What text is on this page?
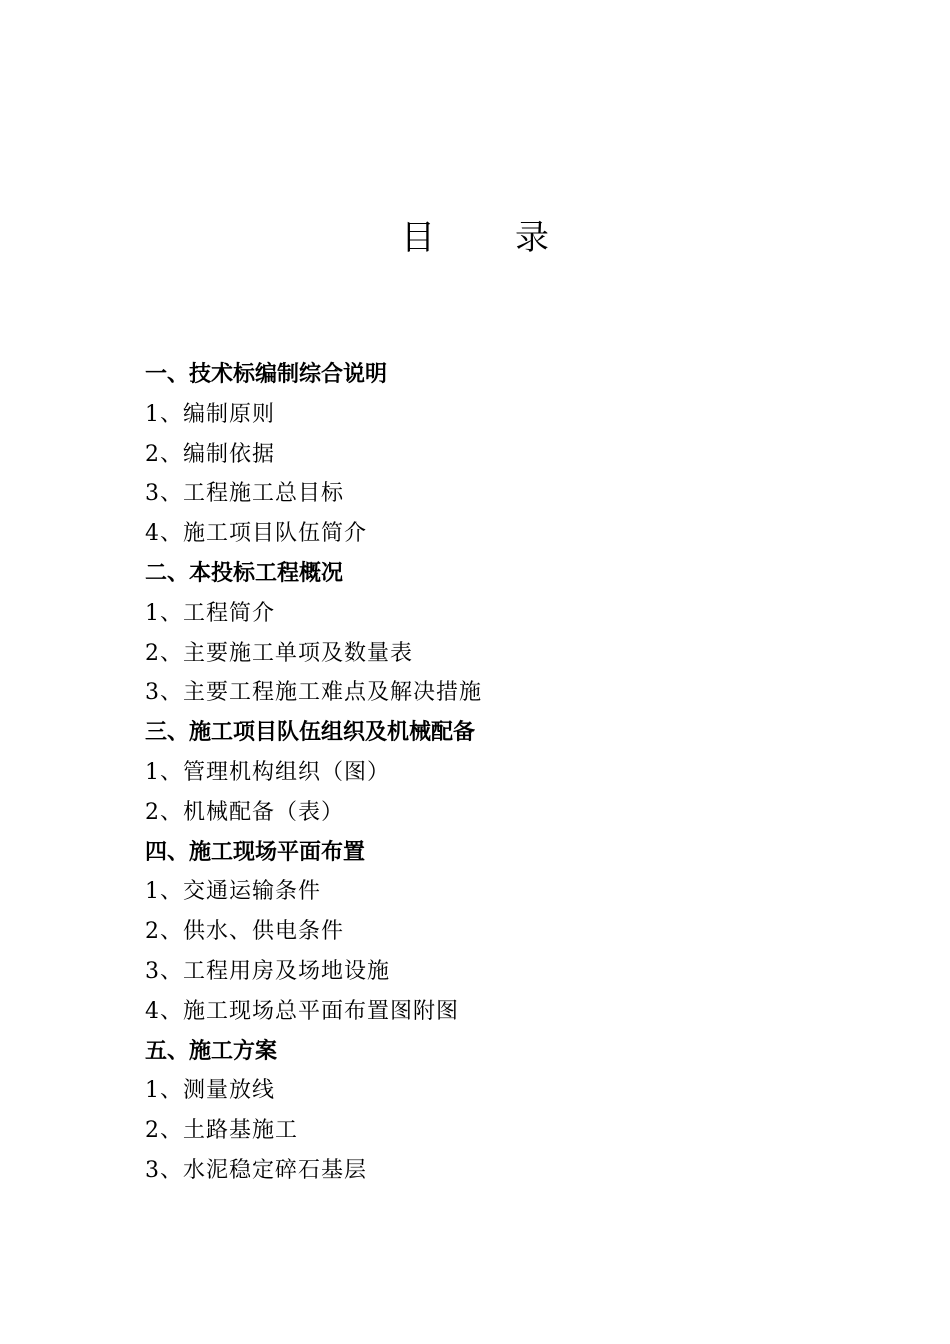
目 录
一、技术标编制综合说明
1、编制原则
2、编制依据
3、工程施工总目标
4、施工项目队伍简介
二、本投标工程概况
1、工程简介
2、主要施工单项及数量表
3、主要工程施工难点及解决措施
三、施工项目队伍组织及机械配备
1、管理机构组织（图）
2、机械配备（表）
四、施工现场平面布置
1、交通运输条件
2、供水、供电条件
3、工程用房及场地设施
4、施工现场总平面布置图附图
五、施工方案
1、测量放线
2、土路基施工
3、水泥稳定碎石基层
